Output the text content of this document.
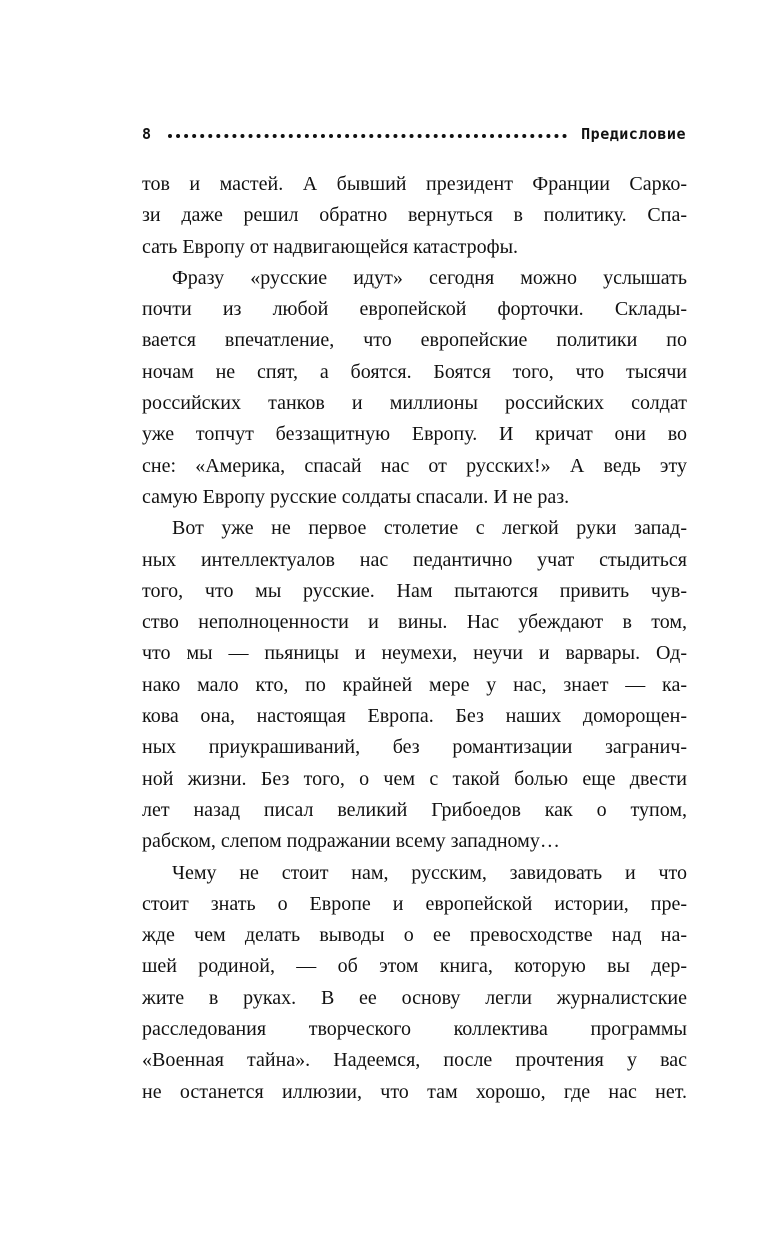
8	Предисловие
тов и мастей. А бывший президент Франции Сарко-
зи даже решил обратно вернуться в политику. Спа-
сать Европу от надвигающейся катастрофы.
Фразу «русские идут» сегодня можно услышать
почти из любой европейской форточки. Склады-
вается впечатление, что европейские политики по
ночам не спят, а боятся. Боятся того, что тысячи
российских танков и миллионы российских солдат
уже топчут беззащитную Европу. И кричат они во
сне: «Америка, спасай нас от русских!» А ведь эту
самую Европу русские солдаты спасали. И не раз.
Вот уже не первое столетие с легкой руки запад-
ных интеллектуалов нас педантично учат стыдиться
того, что мы русские. Нам пытаются привить чув-
ство неполноценности и вины. Нас убеждают в том,
что мы — пьяницы и неумехи, неучи и варвары. Од-
нако мало кто, по крайней мере у нас, знает — ка-
кова она, настоящая Европа. Без наших доморощен-
ных приукрашиваний, без романтизации загранич-
ной жизни. Без того, о чем с такой болью еще двести
лет назад писал великий Грибоедов как о тупом,
рабском, слепом подражании всему западному…
Чему не стоит нам, русским, завидовать и что
стоит знать о Европе и европейской истории, пре-
жде чем делать выводы о ее превосходстве над на-
шей родиной, — об этом книга, которую вы дер-
жите в руках. В ее основу легли журналистские
расследования творческого коллектива программы
«Военная тайна». Надеемся, после прочтения у вас
не останется иллюзии, что там хорошо, где нас нет.
